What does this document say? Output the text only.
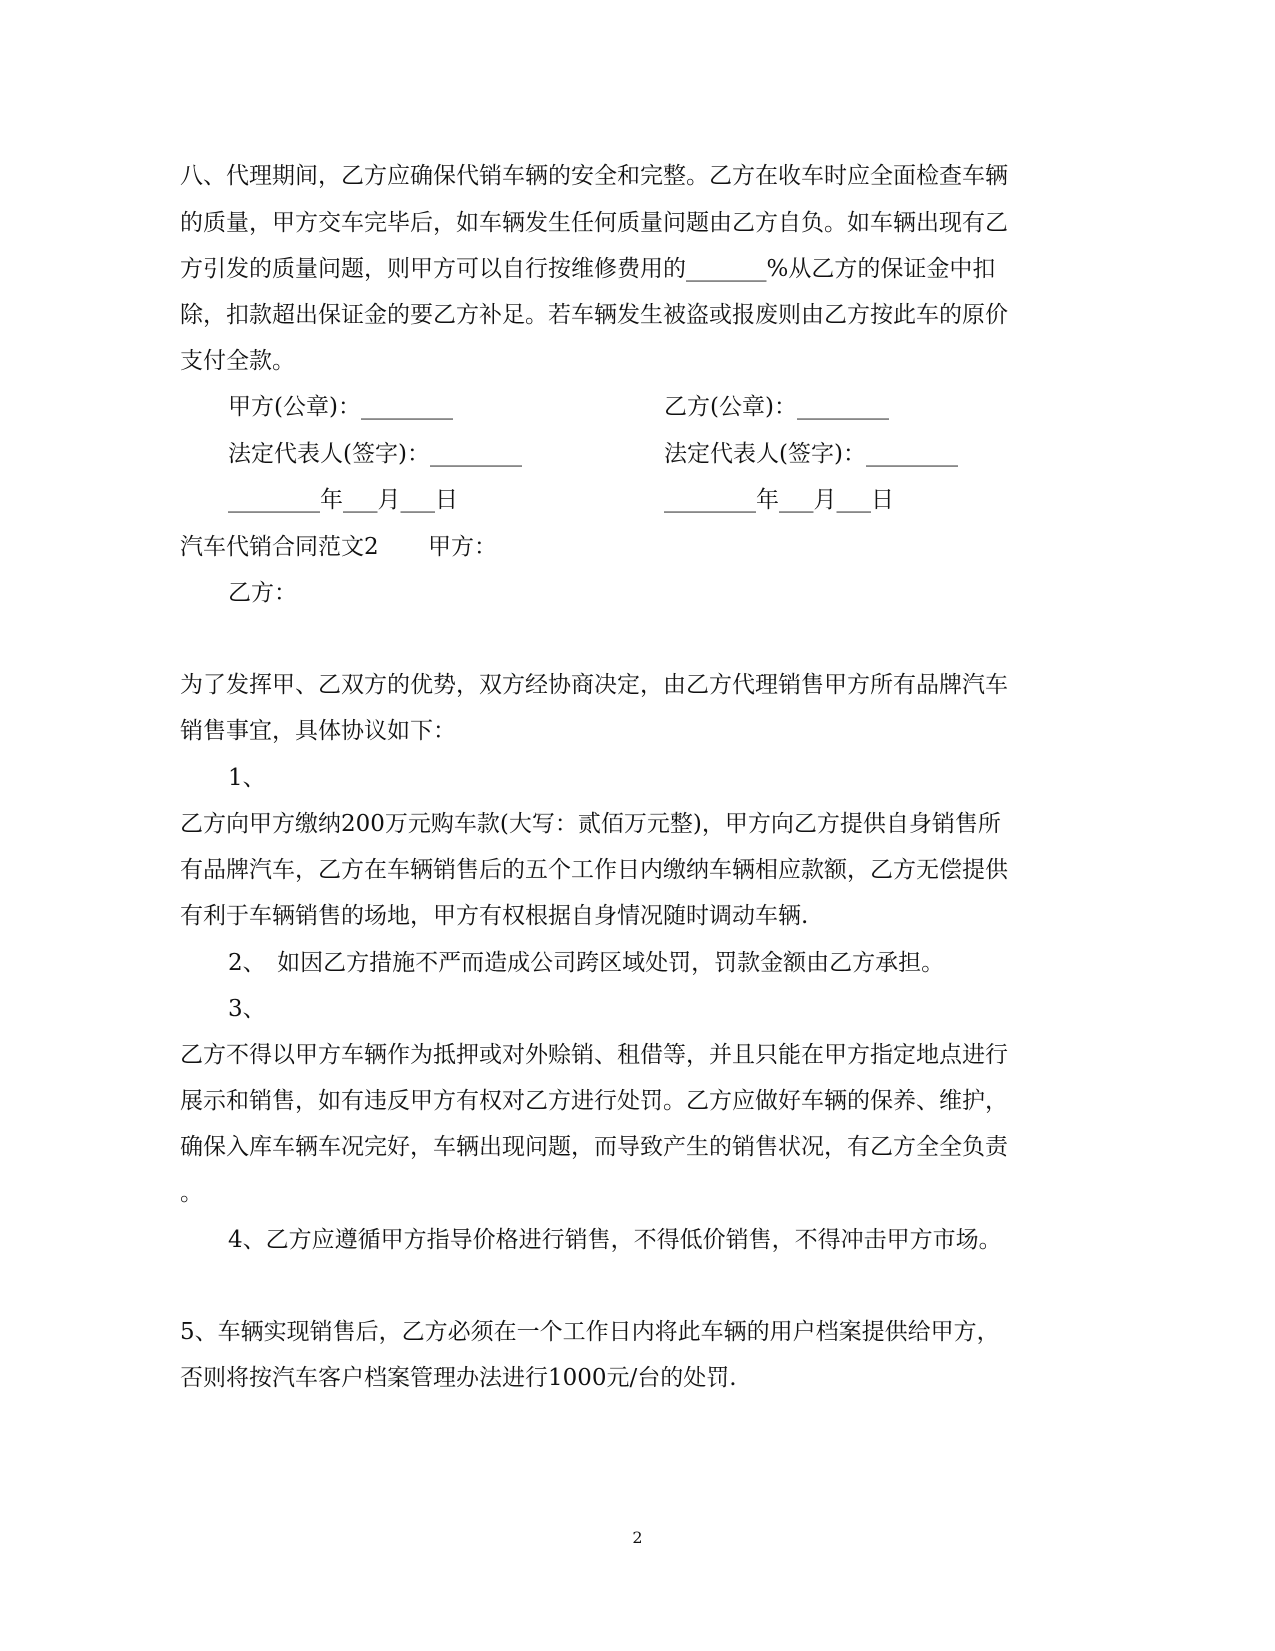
八、代理期间，乙方应确保代销车辆的安全和完整。乙方在收车时应全面检查车辆
的质量，甲方交车完毕后，如车辆发生任何质量问题由乙方自负。如车辆出现有乙
方引发的质量问题，则甲方可以自行按维修费用的_______%从乙方的保证金中扣
除，扣款超出保证金的要乙方补足。若车辆发生被盗或报废则由乙方按此车的原价
支付全款。
甲方(公章)：________	乙方(公章)：________
法定代表人(签字)：________	法定代表人(签字)：________
________年___月___日	________年___月___日
汽车代销合同范文2 甲方：
乙方：
为了发挥甲、乙双方的优势，双方经协商决定，由乙方代理销售甲方所有品牌汽车
销售事宜，具体协议如下：
1、
乙方向甲方缴纳200万元购车款(大写：贰佰万元整)，甲方向乙方提供自身销售所
有品牌汽车，乙方在车辆销售后的五个工作日内缴纳车辆相应款额，乙方无偿提供
有利于车辆销售的场地，甲方有权根据自身情况随时调动车辆.
2、　如因乙方措施不严而造成公司跨区域处罚，罚款金额由乙方承担。
3、
乙方不得以甲方车辆作为抵押或对外赊销、租借等，并且只能在甲方指定地点进行
展示和销售，如有违反甲方有权对乙方进行处罚。乙方应做好车辆的保养、维护，
确保入库车辆车况完好，车辆出现问题，而导致产生的销售状况，有乙方全全负责
。
4、乙方应遵循甲方指导价格进行销售，不得低价销售，不得冲击甲方市场。
5、车辆实现销售后，乙方必须在一个工作日内将此车辆的用户档案提供给甲方，
否则将按汽车客户档案管理办法进行1000元/台的处罚.
2
